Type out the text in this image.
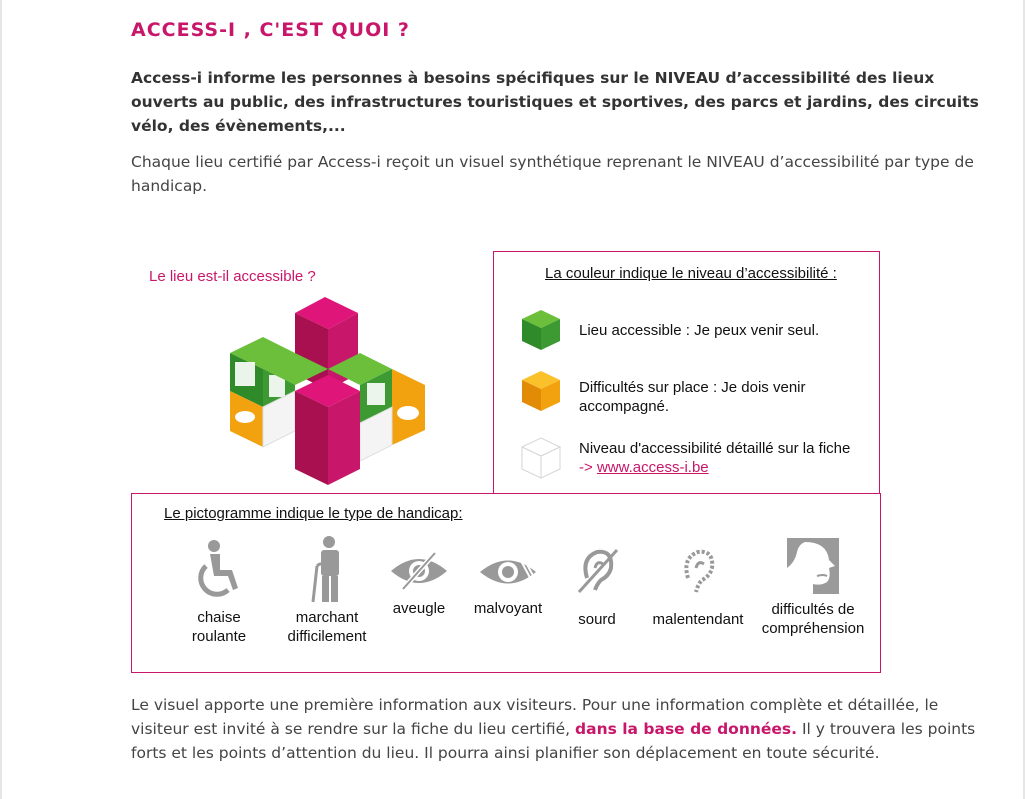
ACCESS-I , C'EST QUOI ?

Access-i informe les personnes à besoins spécifiques sur le NIVEAU d’accessibilité des lieux ouverts au public, des infrastructures touristiques et sportives, des parcs et jardins, des circuits vélo, des évènements,...

Chaque lieu certifié par Access-i reçoit un visuel synthétique reprenant le NIVEAU d’accessibilité par type de handicap.

Le lieu est-il accessible ?	La couleur indique le niveau d’accessibilité :
Lieu accessible : Je peux venir seul.
Difficultés sur place : Je dois venir accompagné.
Niveau d'accessibilité détaillé sur la fiche
-> www.access-i.be
Le pictogramme indique le type de handicap:
chaise
roulante
marchant
difficilement
aveugle	malvoyant
sourd	malentendant
difficultés de
compréhension

Le visuel apporte une première information aux visiteurs. Pour une information complète et détaillée, le visiteur est invité à se rendre sur la fiche du lieu certifié, dans la base de données. Il y trouvera les points forts et les points d’attention du lieu. Il pourra ainsi planifier son déplacement en toute sécurité.
